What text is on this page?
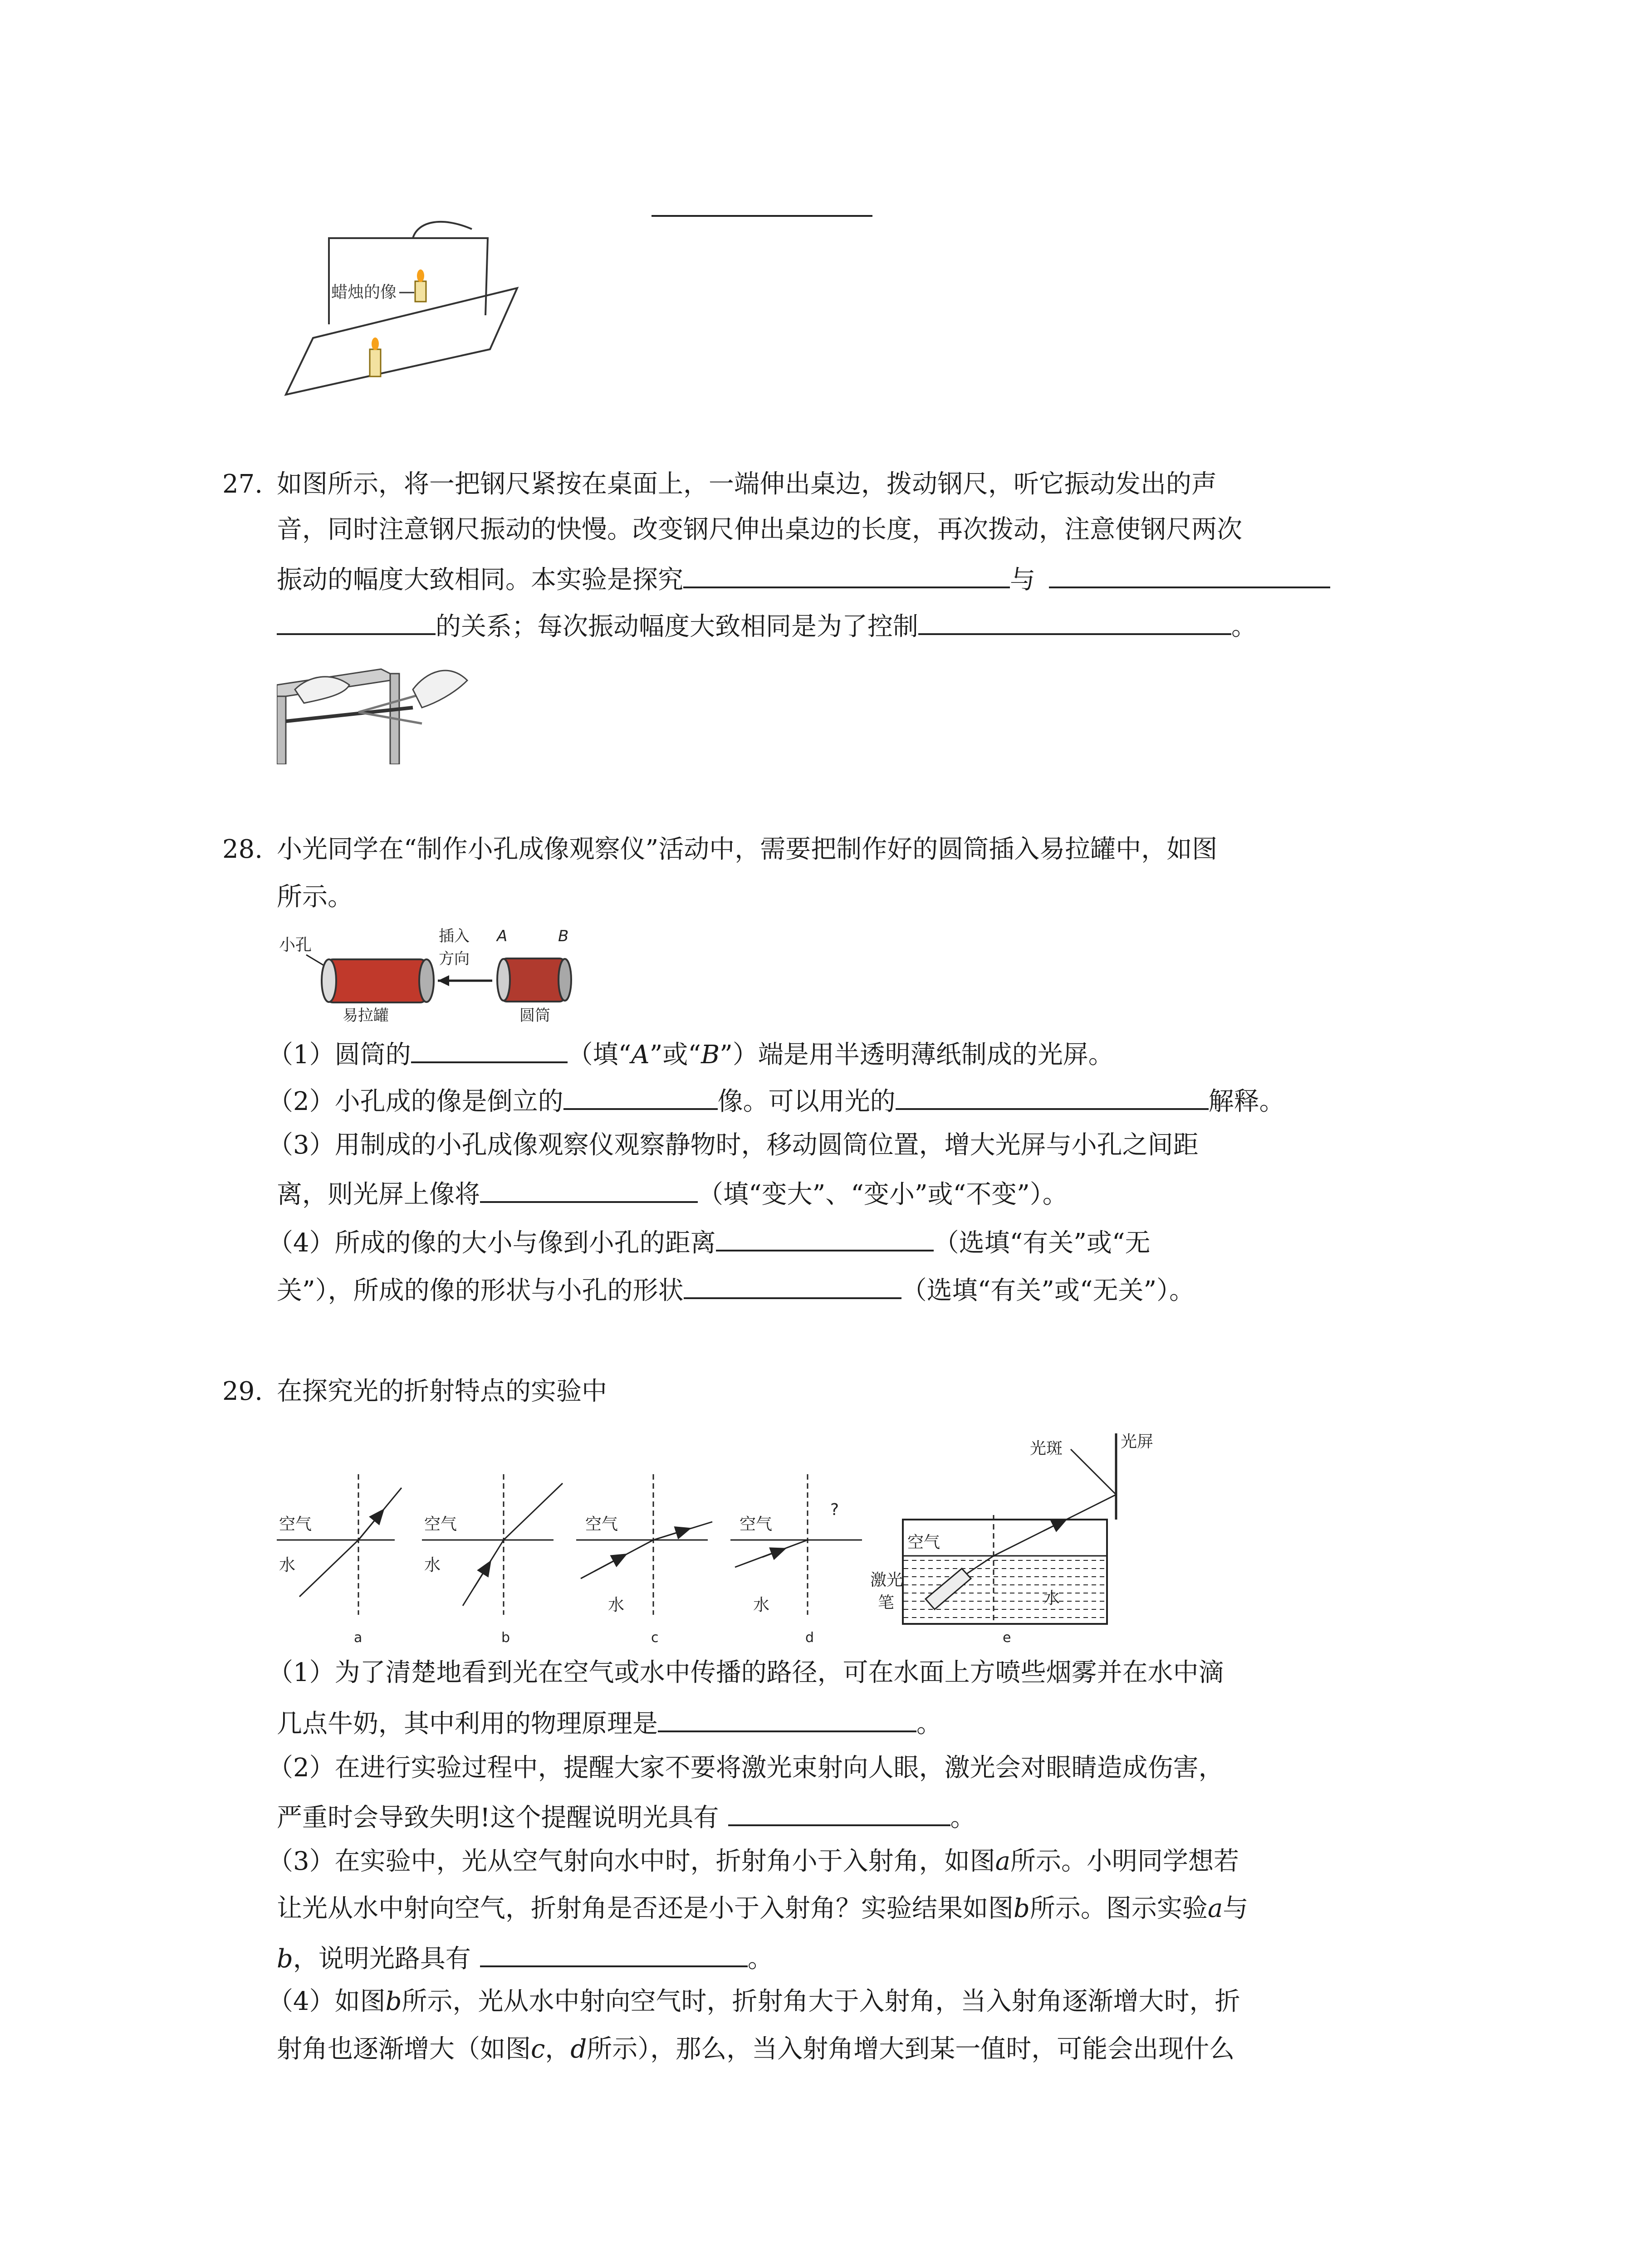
蜡烛的像
27. 如图所示，将一把钢尺紧按在桌面上，一端伸出桌边，拨动钢尺，听它振动发出的声
音，同时注意钢尺振动的快慢。改变钢尺伸出桌边的长度，再次拨动，注意使钢尺两次
振动的幅度大致相同。本实验是探究	与
的关系；每次振动幅度大致相同是为了控制	。
28. 小光同学在“制作小孔成像观察仪”活动中，需要把制作好的圆筒插入易拉罐中，如图
所示。
小孔
易拉罐
插入
方向
A	B
圆筒
（1）圆筒的	（填“A”或“B”）端是用半透明薄纸制成的光屏。
（2）小孔成的像是倒立的	像。可以用光的	解释。
（3）用制成的小孔成像观察仪观察静物时，移动圆筒位置，增大光屏与小孔之间距
离，则光屏上像将	（填“变大”、“变小”或“不变”）。
（4）所成的像的大小与像到小孔的距离	（选填“有关”或“无
关”），所成的像的形状与小孔的形状	（选填“有关”或“无关”）。
29. 在探究光的折射特点的实验中
空气
水
a
空气
水
b
空气
水
c
空气
水
?
d
空气
水
光斑	光屏
激光
笔
e
（1）为了清楚地看到光在空气或水中传播的路径，可在水面上方喷些烟雾并在水中滴
几点牛奶，其中利用的物理原理是	。
（2）在进行实验过程中，提醒大家不要将激光束射向人眼，激光会对眼睛造成伤害，
严重时会导致失明!这个提醒说明光具有	。
（3）在实验中，光从空气射向水中时，折射角小于入射角，如图a所示。小明同学想若
让光从水中射向空气，折射角是否还是小于入射角？实验结果如图b所示。图示实验a与
b，说明光路具有	。
（4）如图b所示，光从水中射向空气时，折射角大于入射角，当入射角逐渐增大时，折
射角也逐渐增大（如图c，d所示），那么，当入射角增大到某一值时，可能会出现什么
